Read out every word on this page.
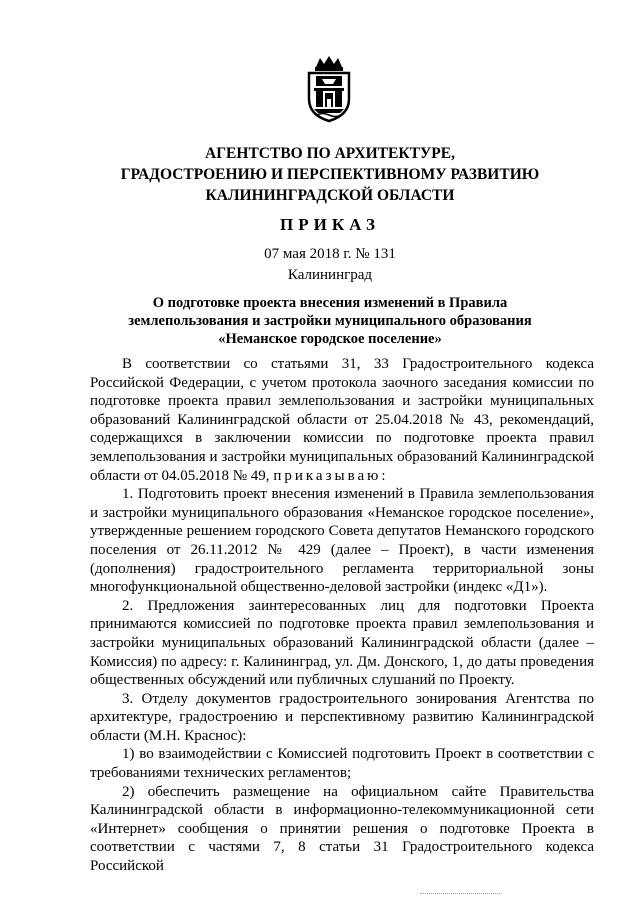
АГЕНТСТВО ПО АРХИТЕКТУРЕ,
ГРАДОСТРОЕНИЮ И ПЕРСПЕКТИВНОМУ РАЗВИТИЮ
КАЛИНИНГРАДСКОЙ ОБЛАСТИ
ПРИКАЗ
07 мая 2018 г. № 131
Калининград
О подготовке проекта внесения изменений в Правила
землепользования и застройки муниципального образования
«Неманское городское поселение»

В соответствии со статьями 31, 33 Градостроительного кодекса Российской Федерации, с учетом протокола заочного заседания комиссии по подготовке проекта правил землепользования и застройки муниципальных образований Калининградской области от 25.04.2018 № 43, рекомендаций, содержащихся в заключении комиссии по подготовке проекта правил землепользования и застройки муниципальных образований Калининградской области от 04.05.2018 № 49, приказываю:

1. Подготовить проект внесения изменений в Правила землепользования и застройки муниципального образования «Неманское городское поселение», утвержденные решением городского Совета депутатов Неманского городского поселения от 26.11.2012 № 429 (далее – Проект), в части изменения (дополнения) градостроительного регламента территориальной зоны многофункциональной общественно-деловой застройки (индекс «Д1»).

2. Предложения заинтересованных лиц для подготовки Проекта принимаются комиссией по подготовке проекта правил землепользования и застройки муниципальных образований Калининградской области (далее – Комиссия) по адресу: г. Калининград, ул. Дм. Донского, 1, до даты проведения общественных обсуждений или публичных слушаний по Проекту.

3. Отделу документов градостроительного зонирования Агентства по архитектуре, градостроению и перспективному развитию Калининградской области (М.Н. Красноc):

1) во взаимодействии с Комиссией подготовить Проект в соответствии с требованиями технических регламентов;

2) обеспечить размещение на официальном сайте Правительства Калининградской области в информационно-телекоммуникационной сети «Интернет» сообщения о принятии решения о подготовке Проекта в соответствии с частями 7, 8 статьи 31 Градостроительного кодекса Российской
